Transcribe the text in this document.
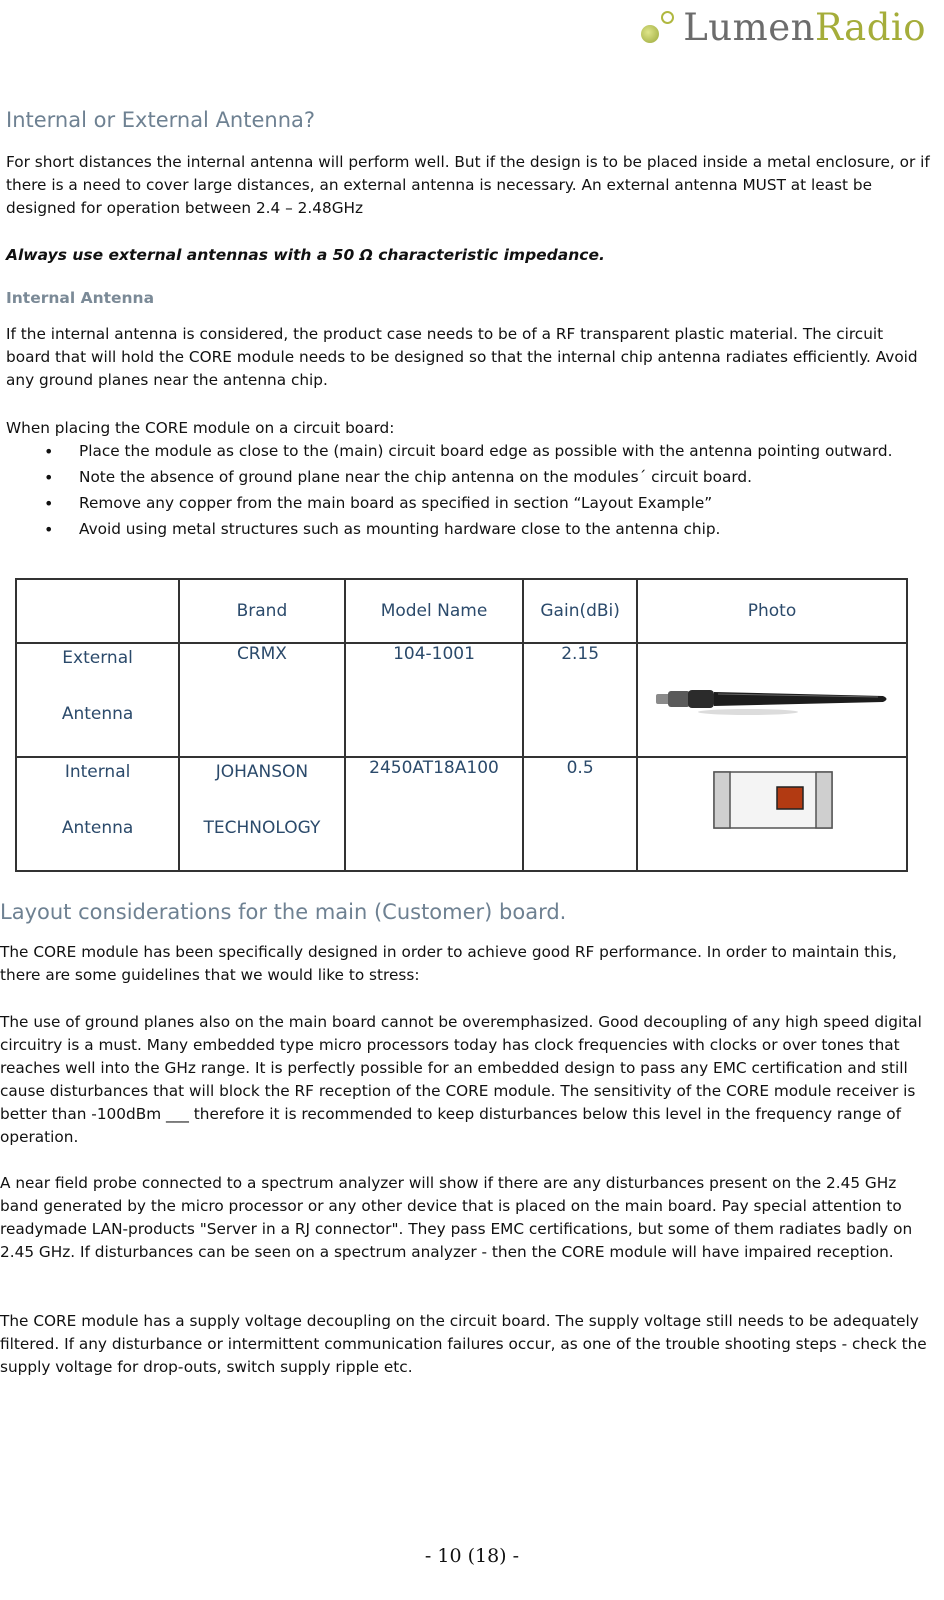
LumenRadio
Internal or External Antenna?
For short distances the internal antenna will perform well. But if the design is to be placed inside a metal enclosure, or if there is a need to cover large distances, an external antenna is necessary. An external antenna MUST at least be designed for operation between 2.4 – 2.48GHz
Always use external antennas with a 50 Ω characteristic impedance.
Internal Antenna
If the internal antenna is considered, the product case needs to be of a RF transparent plastic material. The circuit board that will hold the CORE module needs to be designed so that the internal chip antenna radiates efficiently. Avoid any ground planes near the antenna chip.
When placing the CORE module on a circuit board:
• Place the module as close to the (main) circuit board edge as possible with the antenna pointing outward.
• Note the absence of ground plane near the chip antenna on the modules´ circuit board.
• Remove any copper from the main board as specified in section “Layout Example”
• Avoid using metal structures such as mounting hardware close to the antenna chip.
	Brand	Model Name	Gain(dBi)	Photo

External
Antenna	CRMX	104-1001	2.15	

Internal
Antenna	JOHANSON
TECHNOLOGY	2450AT18A100	0.5	
Layout considerations for the main (Customer) board.
The CORE module has been specifically designed in order to achieve good RF performance. In order to maintain this, there are some guidelines that we would like to stress:
The use of ground planes also on the main board cannot be overemphasized. Good decoupling of any high speed digital circuitry is a must. Many embedded type micro processors today has clock frequencies with clocks or over tones that reaches well into the GHz range. It is perfectly possible for an embedded design to pass any EMC certification and still cause disturbances that will block the RF reception of the CORE module. The sensitivity of the CORE module receiver is better than -100dBm ___ therefore it is recommended to keep disturbances below this level in the frequency range of operation.
A near field probe connected to a spectrum analyzer will show if there are any disturbances present on the 2.45 GHz band generated by the micro processor or any other device that is placed on the main board. Pay special attention to readymade LAN-products "Server in a RJ connector". They pass EMC certifications, but some of them radiates badly on 2.45 GHz. If disturbances can be seen on a spectrum analyzer - then the CORE module will have impaired reception.
The CORE module has a supply voltage decoupling on the circuit board. The supply voltage still needs to be adequately filtered. If any disturbance or intermittent communication failures occur, as one of the trouble shooting steps - check the supply voltage for drop-outs, switch supply ripple etc.
- 10 (18) -
